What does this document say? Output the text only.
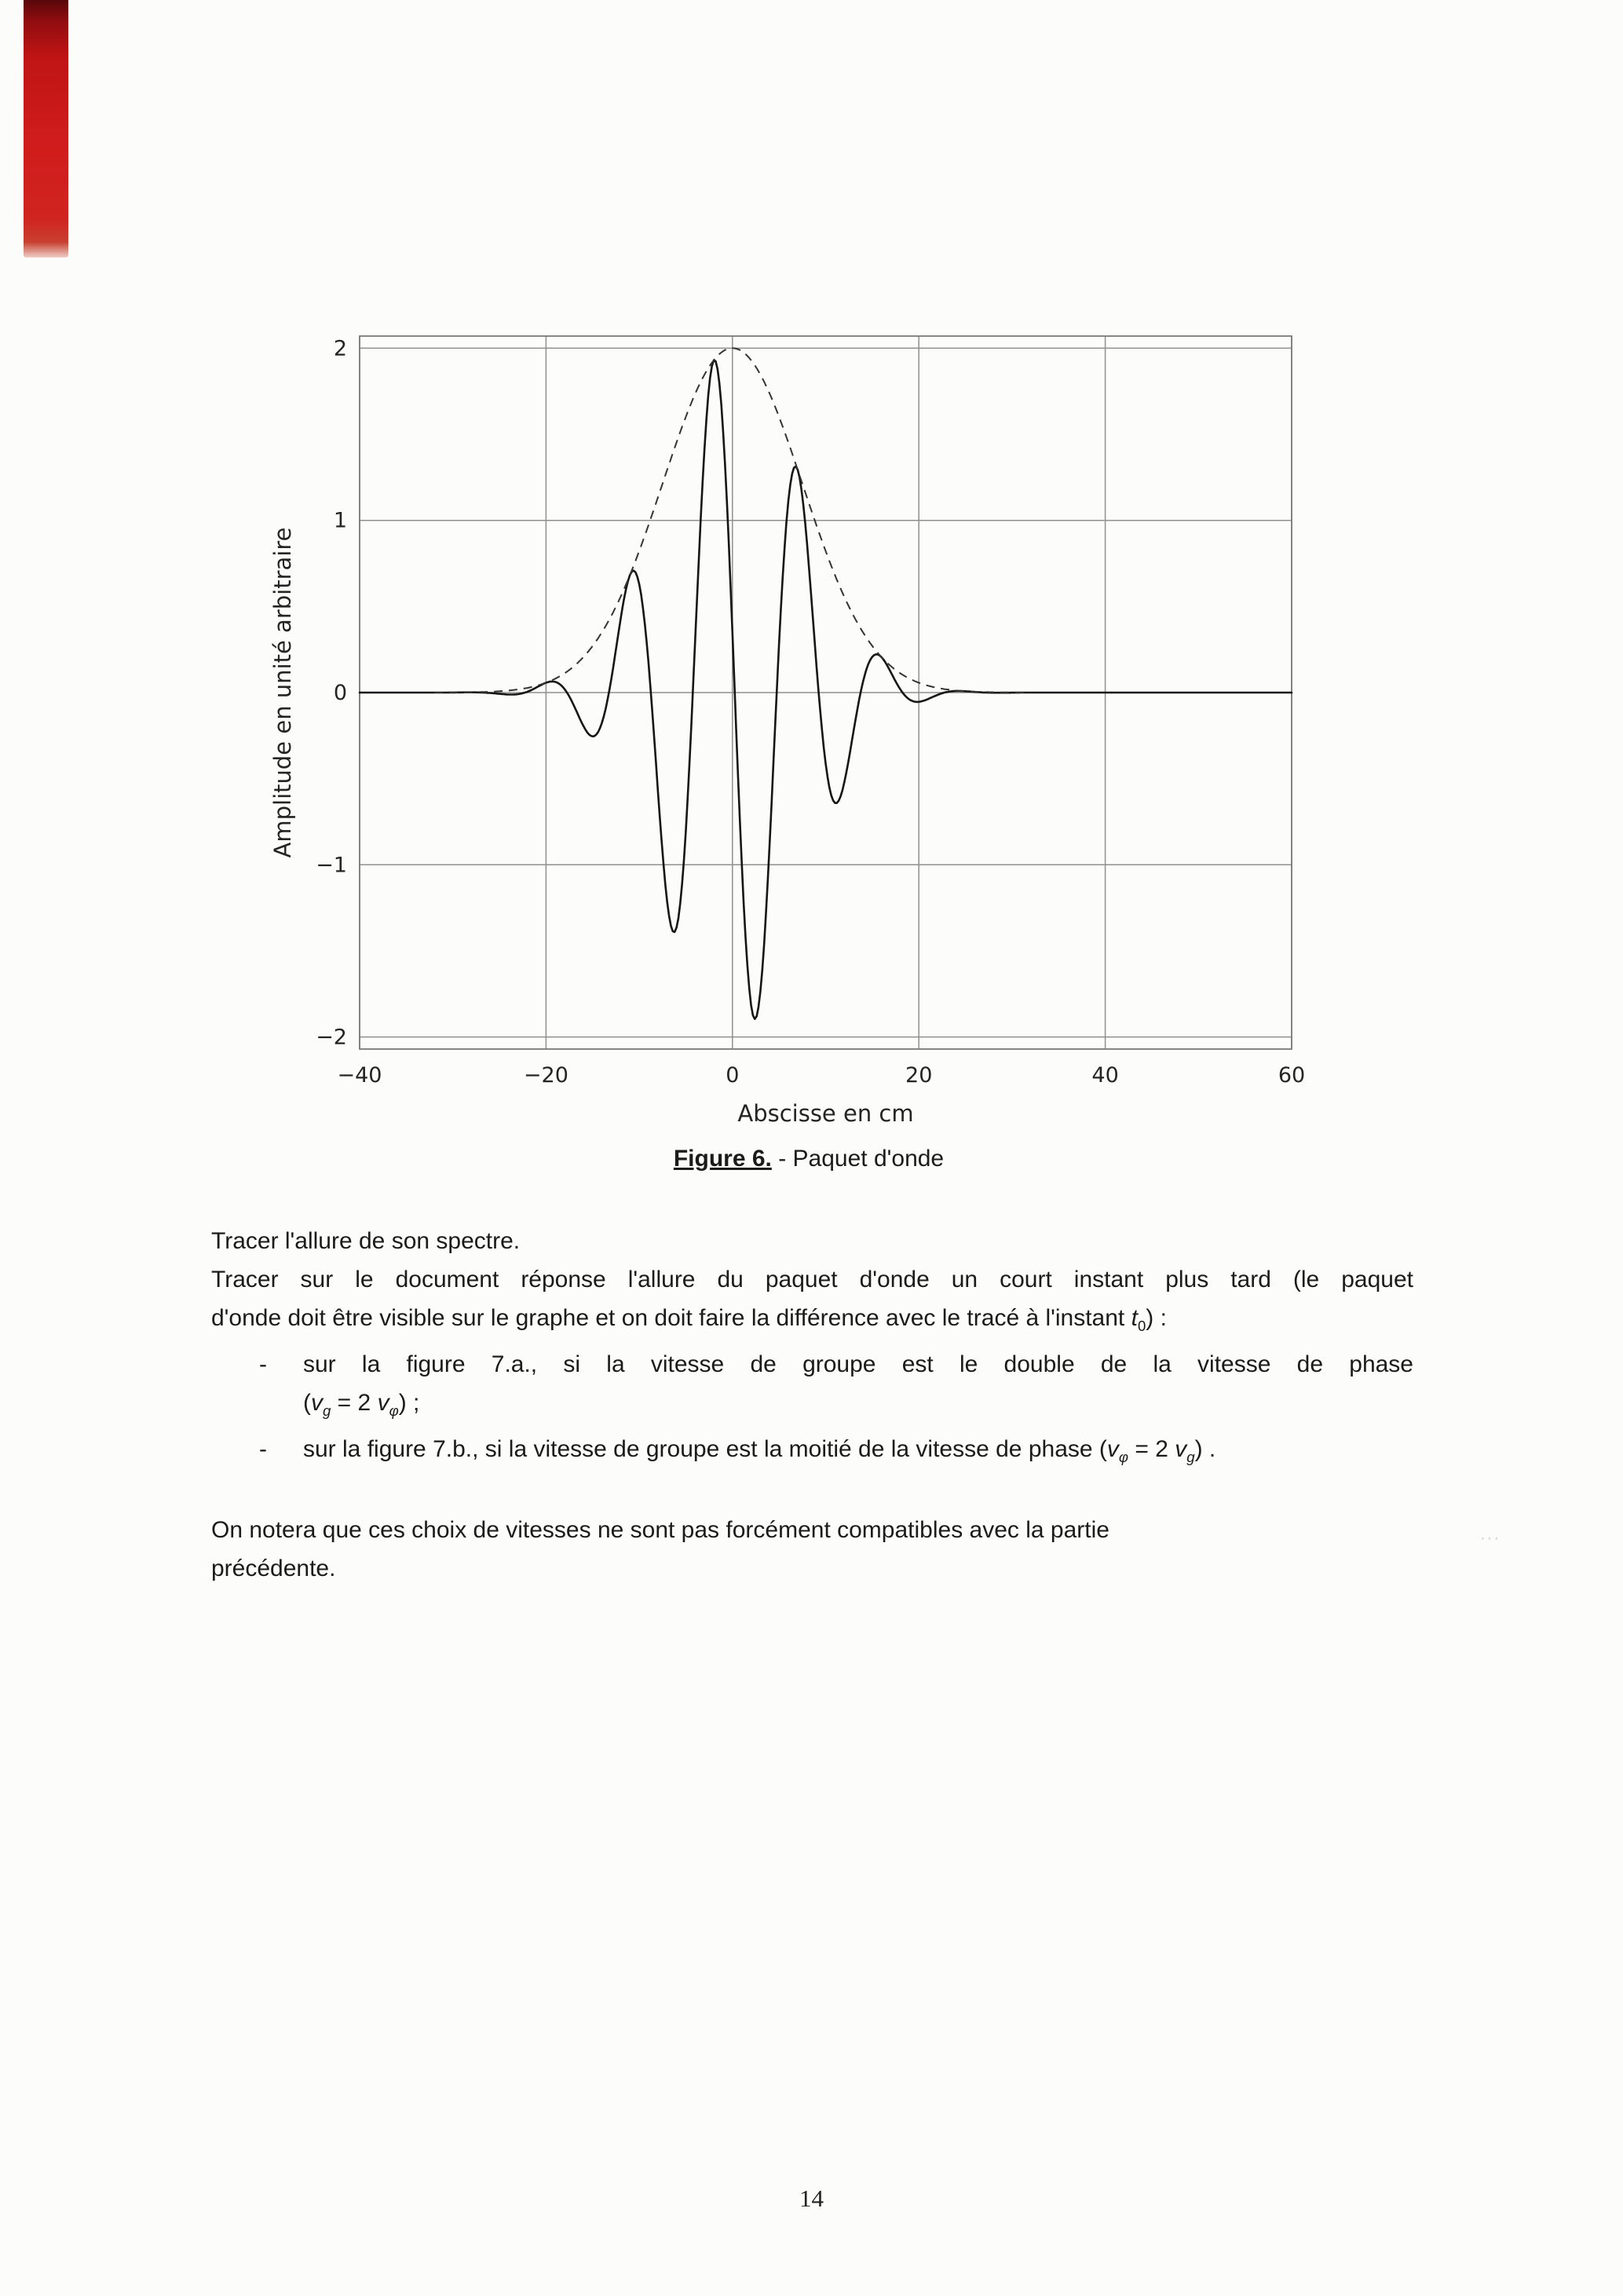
−40	−20	0	20	40	60
−2
−1
0
1
2
Abscisse en cm
Amplitude en unité arbitraire
Figure 6. - Paquet d'onde
Tracer l'allure de son spectre.
Tracer sur le document réponse l'allure du paquet d'onde un court instant plus tard (le paquet
d'onde doit être visible sur le graphe et on doit faire la différence avec le tracé à l'instant $t_0$) :
-	sur la figure 7.a., si la vitesse de groupe est le double de la vitesse de phase
($v_g = 2$ $v_\varphi$) ;
-	sur la figure 7.b., si la vitesse de groupe est la moitié de la vitesse de phase ($v_\varphi = 2$ $v_g$) .
On notera que ces choix de vitesses ne sont pas forcément compatibles avec la partie
précédente.
···
14
